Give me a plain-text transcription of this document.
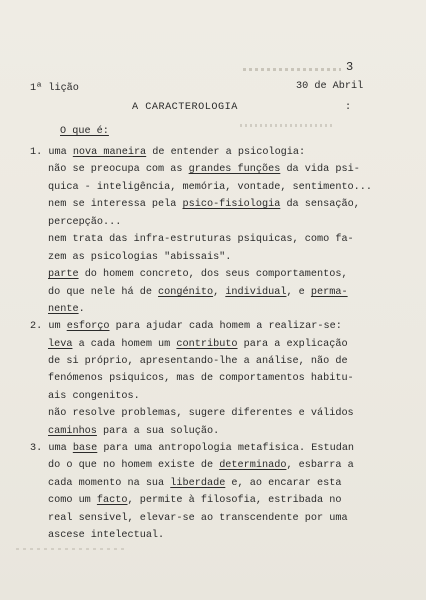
3
1ª lição	30 de Abril
A CARACTEROLOGIA	:
O que é:
1. uma nova maneira de entender a psicologia:
não se preocupa com as grandes funções da vida psi-
quica - inteligência, memória, vontade, sentimento...
nem se interessa pela psico-fisiologia da sensação,
percepção...
nem trata das infra-estruturas psiquicas, como fa-
zem as psicologias "abissais".
parte do homem concreto, dos seus comportamentos,
do que nele há de congénito, individual, e perma-
nente.
2. um esforço para ajudar cada homem a realizar-se:
leva a cada homem um contributo para a explicação
de si próprio, apresentando-lhe a análise, não de
fenómenos psiquicos, mas de comportamentos habitu-
ais congenitos.
não resolve problemas, sugere diferentes e válidos
caminhos para a sua solução.
3. uma base para uma antropologia metafisica. Estudan
do o que no homem existe de determinado, esbarra a
cada momento na sua liberdade e, ao encarar esta
como um facto, permite à filosofia, estribada no
real sensivel, elevar-se ao transcendente por uma
ascese intelectual.
